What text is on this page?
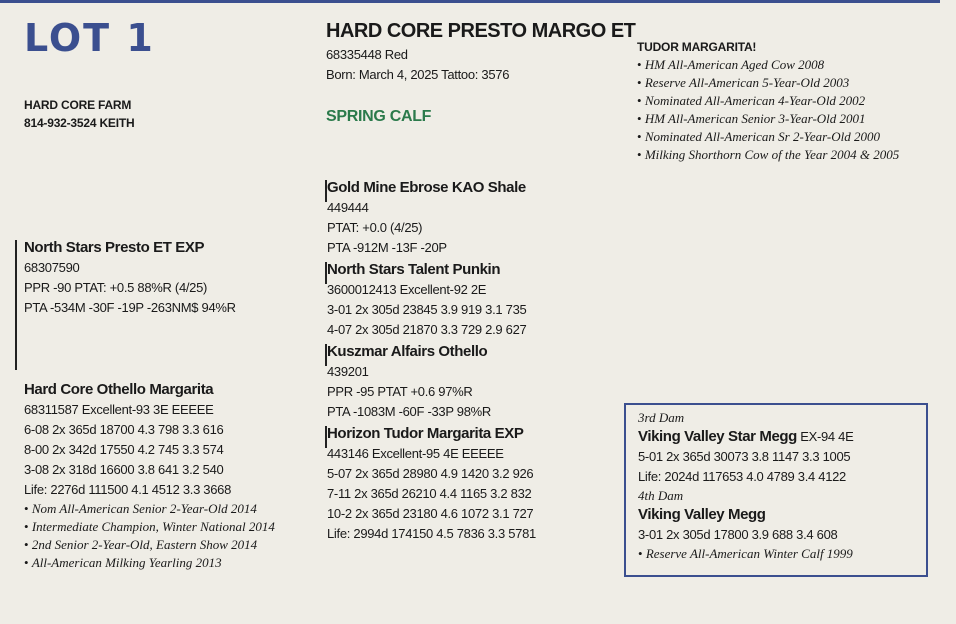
LOT 1
HARD CORE FARM
814-932-3524 KEITH
HARD CORE PRESTO MARGO ET
68335448 Red
Born: March 4, 2025 Tattoo: 3576
SPRING CALF
TUDOR MARGARITA!
• HM All-American Aged Cow 2008
• Reserve All-American 5-Year-Old 2003
• Nominated All-American 4-Year-Old 2002
• HM All-American Senior 3-Year-Old 2001
• Nominated All-American Sr 2-Year-Old 2000
• Milking Shorthorn Cow of the Year 2004 & 2005
North Stars Presto ET EXP
68307590
PPR -90 PTAT: +0.5 88%R (4/25)
PTA -534M -30F -19P -263NM$ 94%R
Hard Core Othello Margarita
68311587 Excellent-93 3E EEEEE
6-08 2x 365d 18700 4.3 798 3.3 616
8-00 2x 342d 17550 4.2 745 3.3 574
3-08 2x 318d 16600 3.8 641 3.2 540
Life: 2276d 111500 4.1 4512 3.3 3668
• Nom All-American Senior 2-Year-Old 2014
• Intermediate Champion, Winter National 2014
• 2nd Senior 2-Year-Old, Eastern Show 2014
• All-American Milking Yearling 2013
Gold Mine Ebrose KAO Shale
449444
PTAT: +0.0 (4/25)
PTA -912M -13F -20P
North Stars Talent Punkin
3600012413 Excellent-92 2E
3-01 2x 305d 23845 3.9 919 3.1 735
4-07 2x 305d 21870 3.3 729 2.9 627
Kuszmar Alfairs Othello
439201
PPR -95 PTAT +0.6 97%R
PTA -1083M -60F -33P 98%R
Horizon Tudor Margarita EXP
443146 Excellent-95 4E EEEEE
5-07 2x 365d 28980 4.9 1420 3.2 926
7-11 2x 365d 26210 4.4 1165 3.2 832
10-2 2x 365d 23180 4.6 1072 3.1 727
Life: 2994d 174150 4.5 7836 3.3 5781
3rd Dam
Viking Valley Star Megg EX-94 4E
5-01 2x 365d 30073 3.8 1147 3.3 1005
Life: 2024d 117653 4.0 4789 3.4 4122
4th Dam
Viking Valley Megg
3-01 2x 305d 17800 3.9 688 3.4 608
• Reserve All-American Winter Calf 1999
